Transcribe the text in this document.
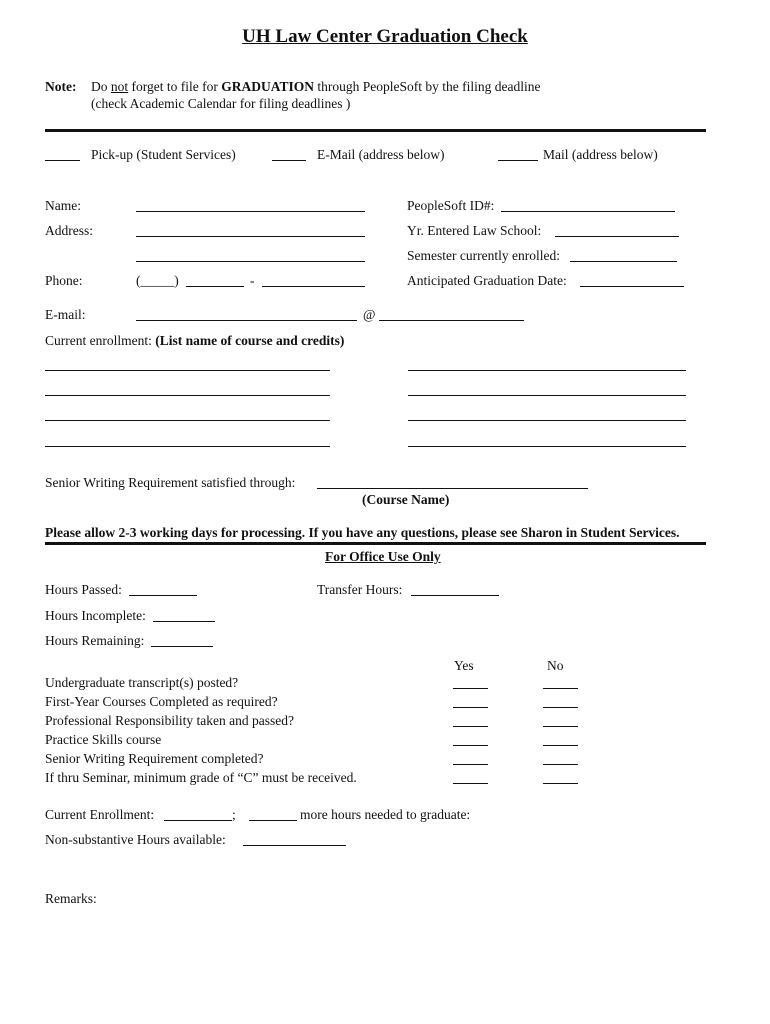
UH Law Center Graduation Check
Note: Do not forget to file for GRADUATION through PeopleSoft by the filing deadline
(check Academic Calendar for filing deadlines )
Pick-up (Student Services)	E-Mail (address below)	Mail (address below)
Name:	PeopleSoft ID#:
Address:	Yr. Entered Law School:
Semester currently enrolled:
Phone:	(_____)	-	Anticipated Graduation Date:
E-mail:	@
Current enrollment: (List name of course and credits)
Senior Writing Requirement satisfied through:
(Course Name)
Please allow 2-3 working days for processing. If you have any questions, please see Sharon in Student Services.
For Office Use Only
Hours Passed:	Transfer Hours:
Hours Incomplete:
Hours Remaining:
Yes	No
Undergraduate transcript(s) posted?
First-Year Courses Completed as required?
Professional Responsibility taken and passed?
Practice Skills course
Senior Writing Requirement completed?
If thru Seminar, minimum grade of “C” must be received.
Current Enrollment:	;	more hours needed to graduate:
Non-substantive Hours available:
Remarks:
